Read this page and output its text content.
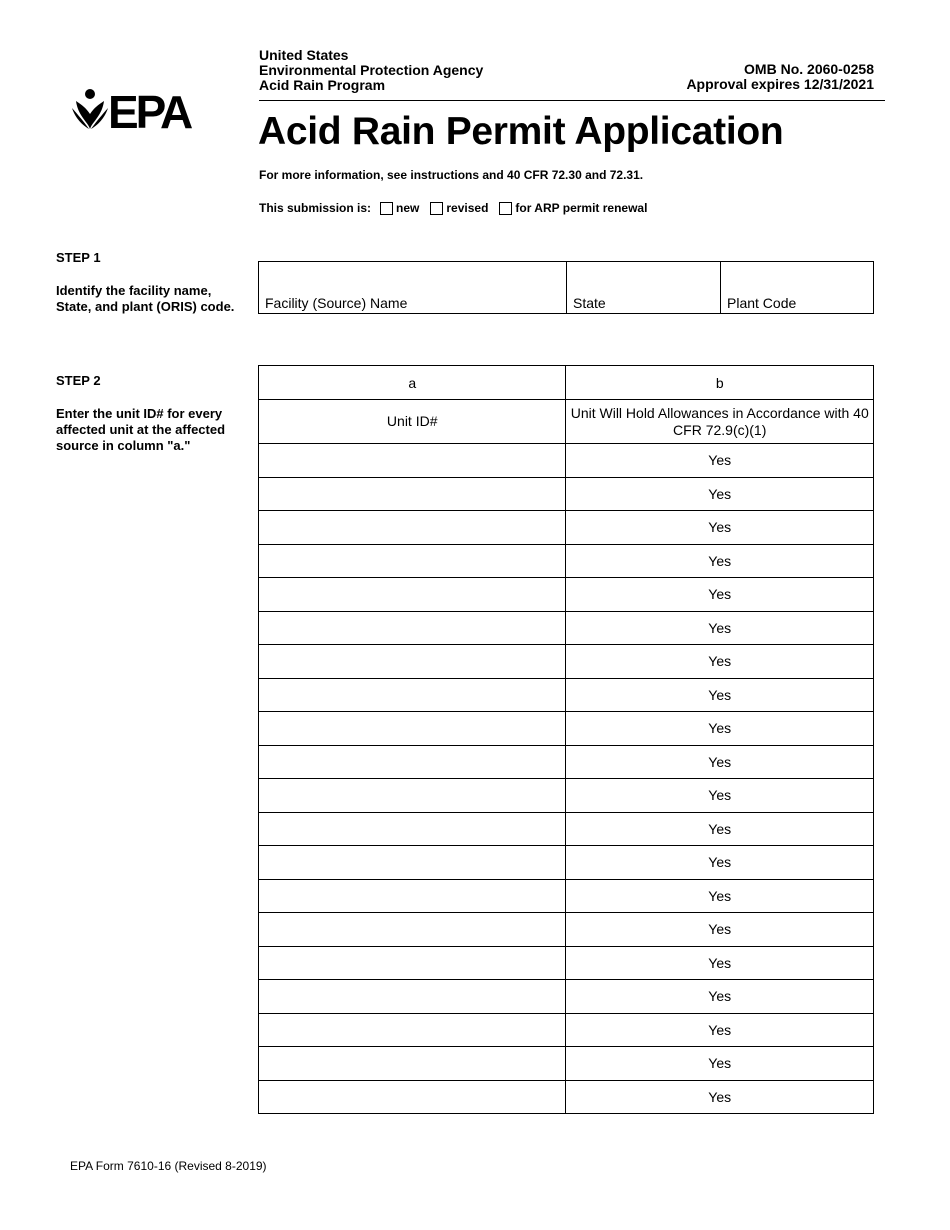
EPA
United States
Environmental Protection Agency
Acid Rain Program
OMB No. 2060-0258
Approval expires 12/31/2021
Acid Rain Permit Application
For more information, see instructions and 40 CFR 72.30 and 72.31.
This submission is: new revised for ARP permit renewal
STEP 1
Identify the facility name,
State, and plant (ORIS) code. Facility (Source) Name	State	Plant Code
STEP 2
Enter the unit ID# for every
affected unit at the affected
source in column "a."
a	b
Unit ID#	Unit Will Hold Allowances in Accordance with 40 CFR 72.9(c)(1)
	Yes
	Yes
	Yes
	Yes
	Yes
	Yes
	Yes
	Yes
	Yes
	Yes
	Yes
	Yes
	Yes
	Yes
	Yes
	Yes
	Yes
	Yes
	Yes
	Yes
EPA Form 7610-16 (Revised 8-2019)
